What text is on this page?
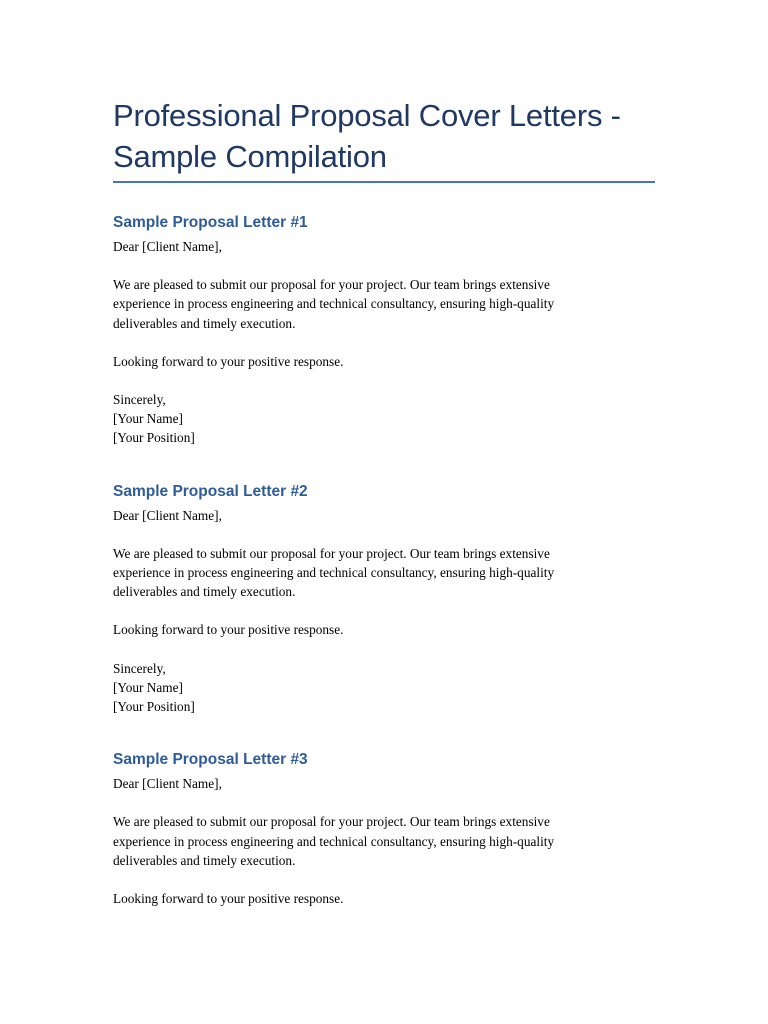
Professional Proposal Cover Letters -
Sample Compilation
Sample Proposal Letter #1

Dear [Client Name],

We are pleased to submit our proposal for your project. Our team brings extensive
experience in process engineering and technical consultancy, ensuring high-quality
deliverables and timely execution.

Looking forward to your positive response.

Sincerely,
[Your Name]
[Your Position]

Sample Proposal Letter #2

Dear [Client Name],

We are pleased to submit our proposal for your project. Our team brings extensive
experience in process engineering and technical consultancy, ensuring high-quality
deliverables and timely execution.

Looking forward to your positive response.

Sincerely,
[Your Name]
[Your Position]

Sample Proposal Letter #3

Dear [Client Name],

We are pleased to submit our proposal for your project. Our team brings extensive
experience in process engineering and technical consultancy, ensuring high-quality
deliverables and timely execution.

Looking forward to your positive response.
